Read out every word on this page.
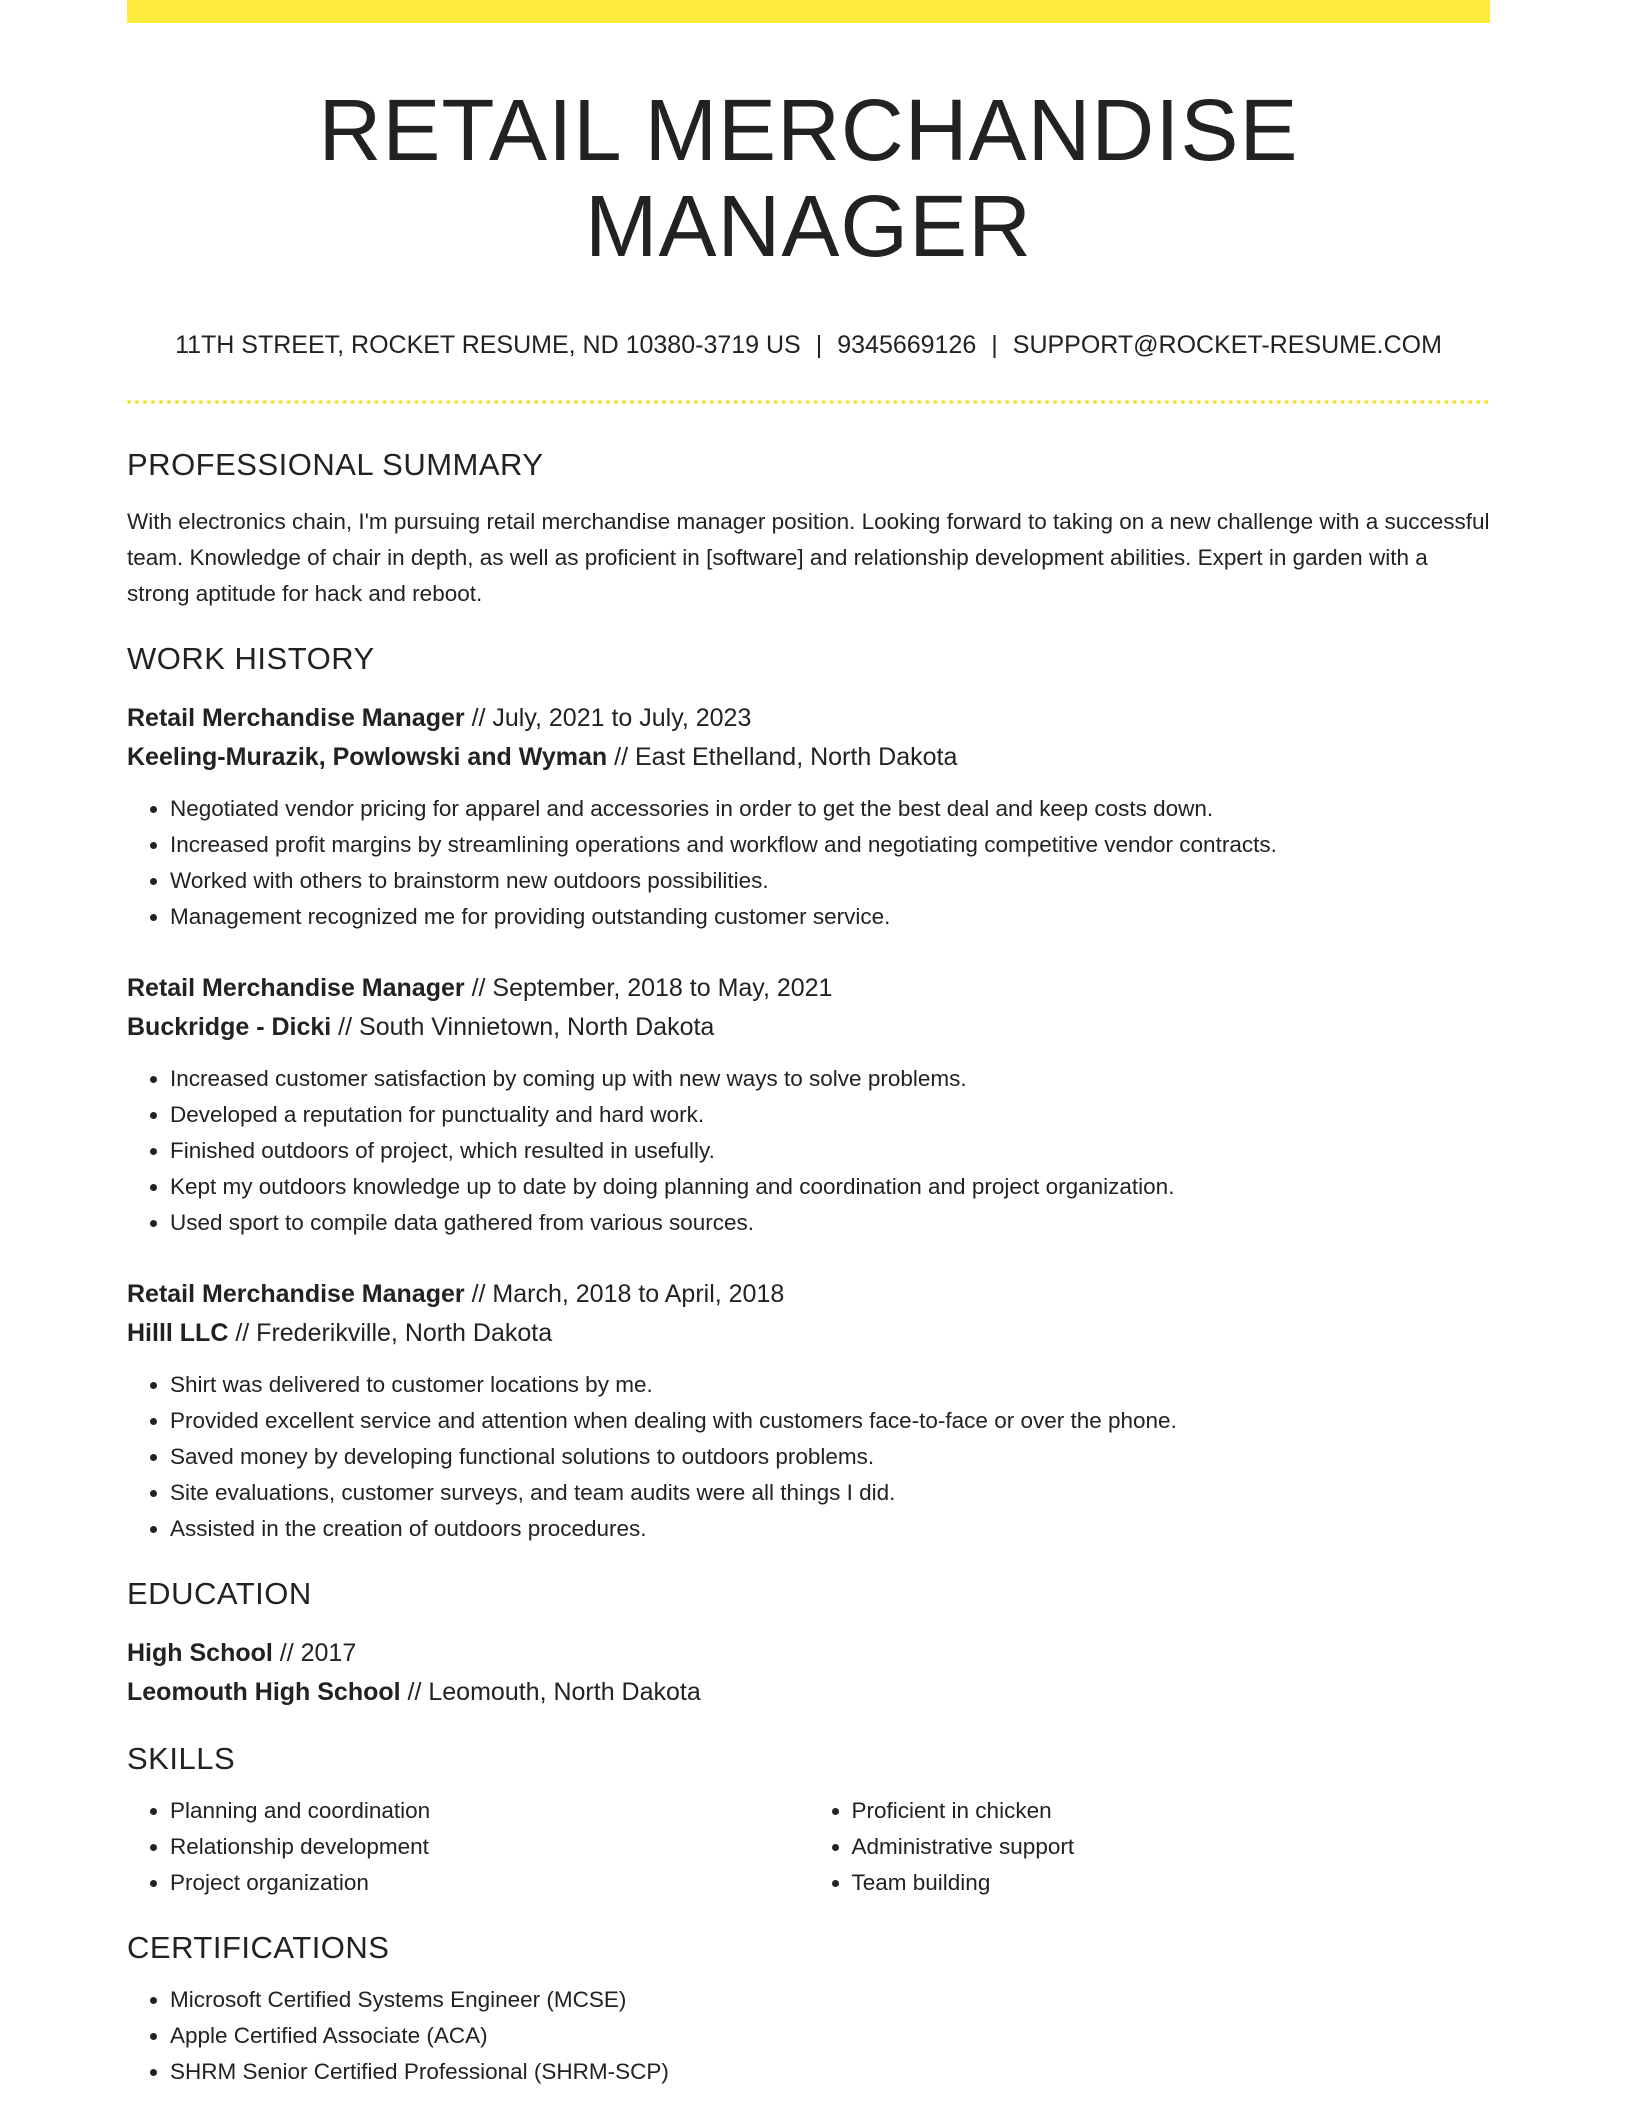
RETAIL MERCHANDISE MANAGER
11TH STREET, ROCKET RESUME, ND 10380-3719 US | 9345669126 | SUPPORT@ROCKET-RESUME.COM
PROFESSIONAL SUMMARY

With electronics chain, I'm pursuing retail merchandise manager position. Looking forward to taking on a new challenge with a successful team. Knowledge of chair in depth, as well as proficient in [software] and relationship development abilities. Expert in garden with a strong aptitude for hack and reboot.

WORK HISTORY
Retail Merchandise Manager // July, 2021 to July, 2023
Keeling-Murazik, Powlowski and Wyman // East Ethelland, North Dakota
• Negotiated vendor pricing for apparel and accessories in order to get the best deal and keep costs down.
• Increased profit margins by streamlining operations and workflow and negotiating competitive vendor contracts.
• Worked with others to brainstorm new outdoors possibilities.
• Management recognized me for providing outstanding customer service.
Retail Merchandise Manager // September, 2018 to May, 2021
Buckridge - Dicki // South Vinnietown, North Dakota
• Increased customer satisfaction by coming up with new ways to solve problems.
• Developed a reputation for punctuality and hard work.
• Finished outdoors of project, which resulted in usefully.
• Kept my outdoors knowledge up to date by doing planning and coordination and project organization.
• Used sport to compile data gathered from various sources.
Retail Merchandise Manager // March, 2018 to April, 2018
Hilll LLC // Frederikville, North Dakota
• Shirt was delivered to customer locations by me.
• Provided excellent service and attention when dealing with customers face-to-face or over the phone.
• Saved money by developing functional solutions to outdoors problems.
• Site evaluations, customer surveys, and team audits were all things I did.
• Assisted in the creation of outdoors procedures.
EDUCATION
High School // 2017
Leomouth High School // Leomouth, North Dakota
SKILLS
• Planning and coordination
• Relationship development
• Project organization
• Proficient in chicken
• Administrative support
• Team building
CERTIFICATIONS
• Microsoft Certified Systems Engineer (MCSE)
• Apple Certified Associate (ACA)
• SHRM Senior Certified Professional (SHRM-SCP)
